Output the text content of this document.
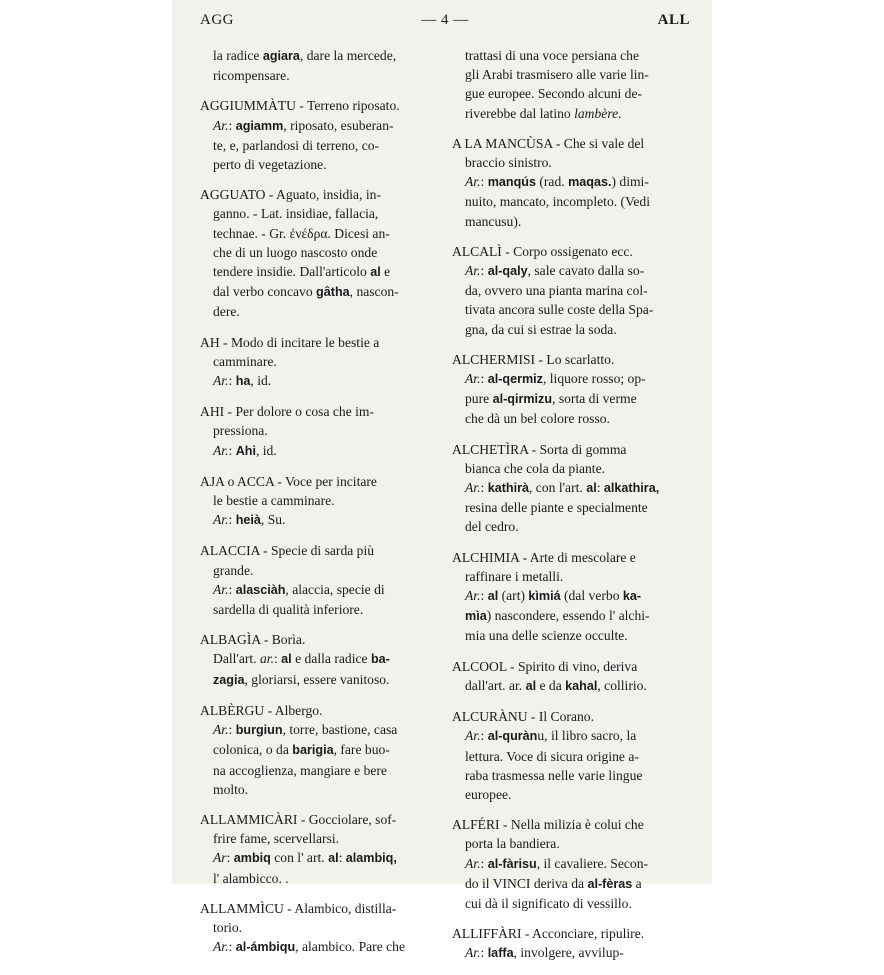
AGG	— 4 —	ALL

la radice agiara, dare la mercede,

ricompensare.

AGGIUMMÀTU - Terreno riposato.

Ar.: agiamm, riposato, esuberan-

te, e, parlandosi di terreno, co-

perto di vegetazione.

AGGUATO - Aguato, insidia, in-

ganno. - Lat. insidiae, fallacia,

technae. - Gr. ἐνέδρα. Dicesi an-

che di un luogo nascosto onde

tendere insidie. Dall'articolo al e

dal verbo concavo gâtha, nascon-

dere.

AH - Modo di incitare le bestie a

camminare.

Ar.: ha, id.

AHI - Per dolore o cosa che im-

pressiona.

Ar.: Ahi, id.

AJA o ACCA - Voce per incitare

le bestie a camminare.

Ar.: heià, Su.

ALACCIA - Specie di sarda più

grande.

Ar.: alasciàh, alaccia, specie di

sardella di qualità inferiore.

ALBAGÌA - Borìa.

Dall'art. ar.: al e dalla radice ba-

zagia, gloriarsi, essere vanitoso.

ALBÈRGU - Albergo.

Ar.: burgiun, torre, bastione, casa

colonica, o da barigia, fare buo-

na accoglienza, mangiare e bere

molto.

ALLAMMICÀRI - Gocciolare, sof-

frire fame, scervellarsi.

Ar: ambiq con l' art. al: alambiq,

l' alambicco. .

ALLAMMÌCU - Alambico, distilla-

torio.

Ar.: al-ámbiqu, alambico. Pare che

trattasi di una voce persiana che

gli Arabi trasmisero alle varie lin-

gue europee. Secondo alcuni de-

riverebbe dal latino lambère.

A LA MANCÙSA - Che si vale del

braccio sinistro.

Ar.: manqús (rad. maqas.) dimi-

nuito, mancato, incompleto. (Vedi

mancusu).

ALCALÌ - Corpo ossigenato ecc.

Ar.: al-qaly, sale cavato dalla so-

da, ovvero una pianta marina col-

tivata ancora sulle coste della Spa-

gna, da cui si estrae la soda.

ALCHERMISI - Lo scarlatto.

Ar.: al-qermiz, liquore rosso; op-

pure al-qirmizu, sorta di verme

che dà un bel colore rosso.

ALCHETÌRA - Sorta di gomma

bianca che cola da piante.

Ar.: kathirà, con l'art. al: alkathira,

resina delle piante e specialmente

del cedro.

ALCHIMIA - Arte di mescolare e

raffinare i metalli.

Ar.: al (art) kìmiá (dal verbo ka-

mìa) nascondere, essendo l' alchi-

mia una delle scienze occulte.

ALCOOL - Spirito di vino, deriva

dall'art. ar. al e da kahal, collirio.

ALCURÀNU - Il Corano.

Ar.: al-qurànu, il libro sacro, la

lettura. Voce di sicura origine a-

raba trasmessa nelle varie lingue

europee.

ALFÉRI - Nella milizia è colui che

porta la bandiera.

Ar.: al-fàrisu, il cavaliere. Secon-

do il VINCI deriva da al-fèras a

cui dà il significato di vessillo.

ALLIFFÀRI - Acconciare, ripulire.

Ar.: laffa, involgere, avvilup-
